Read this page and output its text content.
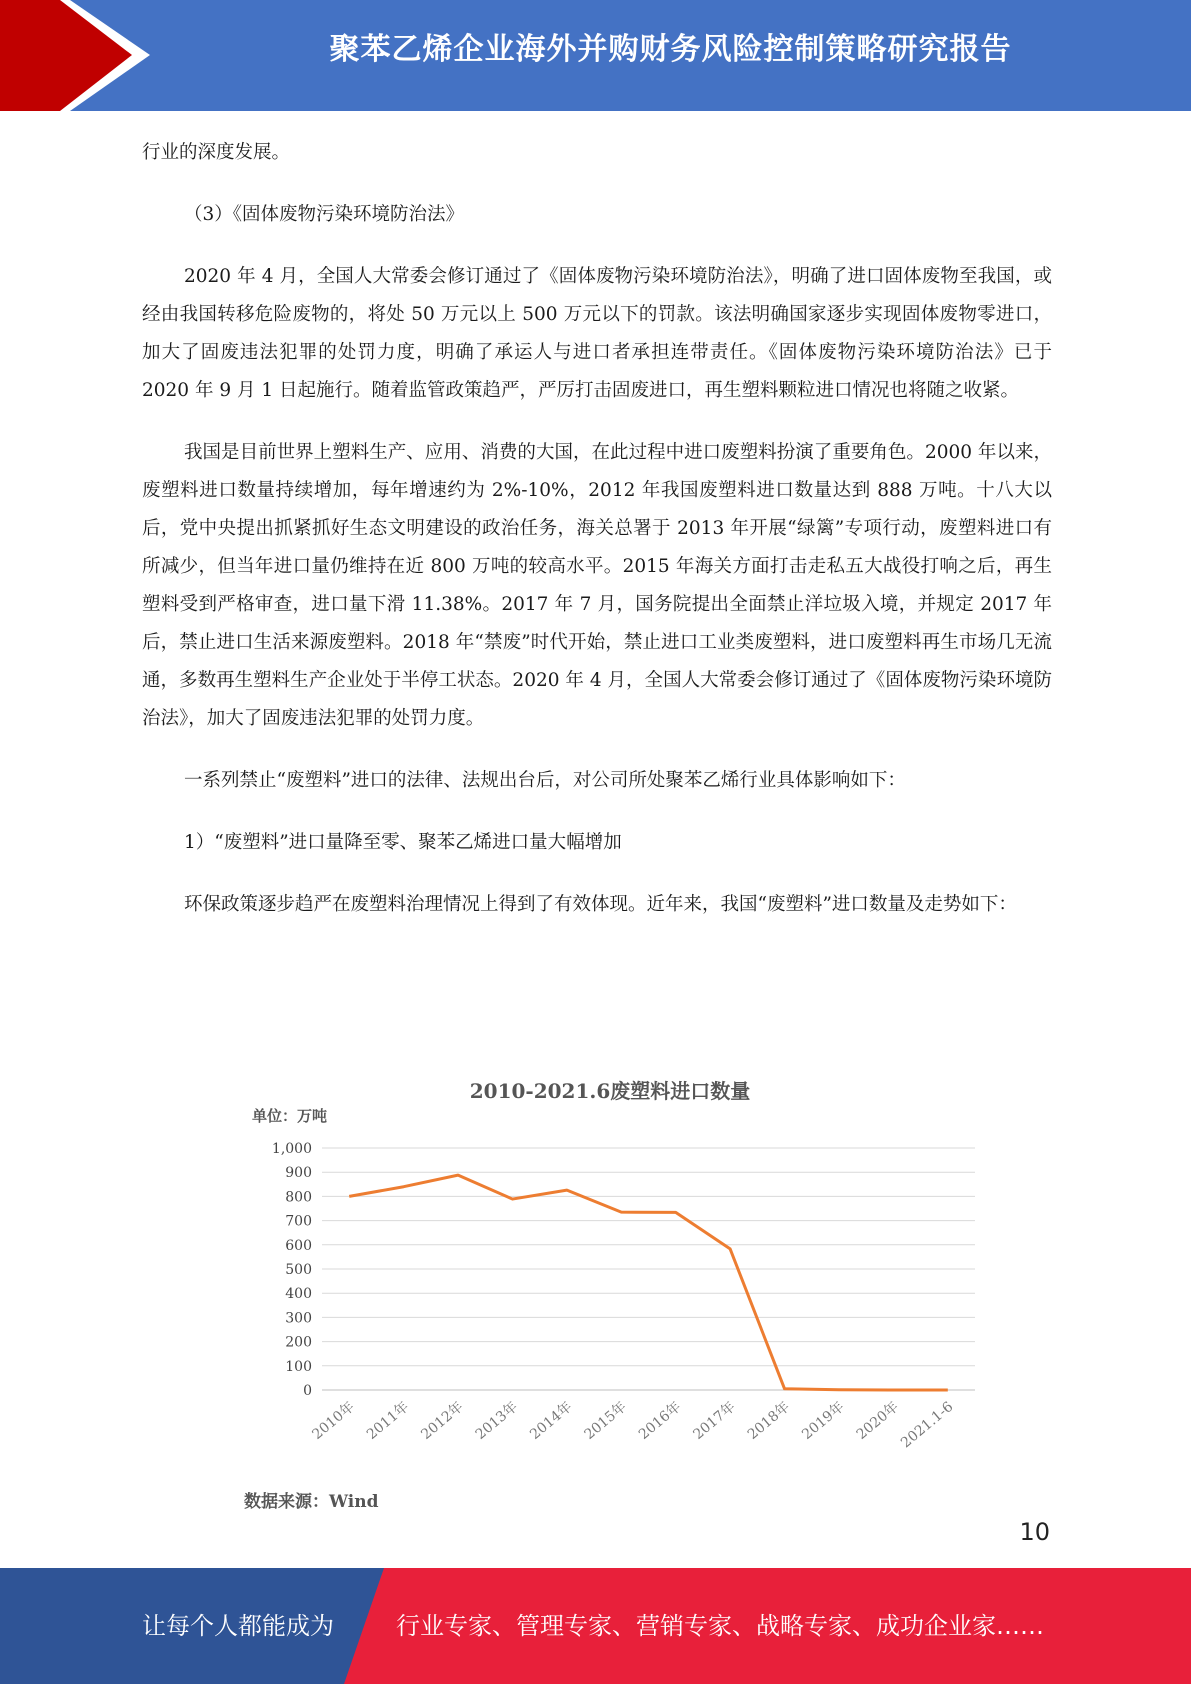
聚苯乙烯企业海外并购财务风险控制策略研究报告

行业的深度发展。

（3）《固体废物污染环境防治法》

2020 年 4 月，全国人大常委会修订通过了《固体废物污染环境防治法》，明确了进口固体废物至我国，或经由我国转移危险废物的，将处 50 万元以上 500 万元以下的罚款。该法明确国家逐步实现固体废物零进口，加大了固废违法犯罪的处罚力度，明确了承运人与进口者承担连带责任。《固体废物污染环境防治法》已于 2020 年 9 月 1 日起施行。随着监管政策趋严，严厉打击固废进口，再生塑料颗粒进口情况也将随之收紧。

我国是目前世界上塑料生产、应用、消费的大国，在此过程中进口废塑料扮演了重要角色。2000 年以来，废塑料进口数量持续增加，每年增速约为 2%-10%，2012 年我国废塑料进口数量达到 888 万吨。十八大以后，党中央提出抓紧抓好生态文明建设的政治任务，海关总署于 2013 年开展“绿篱”专项行动，废塑料进口有所减少，但当年进口量仍维持在近 800 万吨的较高水平。2015 年海关方面打击走私五大战役打响之后，再生塑料受到严格审查，进口量下滑 11.38%。2017 年 7 月，国务院提出全面禁止洋垃圾入境，并规定 2017 年后，禁止进口生活来源废塑料。2018 年“禁废”时代开始，禁止进口工业类废塑料，进口废塑料再生市场几无流通，多数再生塑料生产企业处于半停工状态。2020 年 4 月，全国人大常委会修订通过了《固体废物污染环境防治法》，加大了固废违法犯罪的处罚力度。

一系列禁止“废塑料”进口的法律、法规出台后，对公司所处聚苯乙烯行业具体影响如下：

1）“废塑料”进口量降至零、聚苯乙烯进口量大幅增加

环保政策逐步趋严在废塑料治理情况上得到了有效体现。近年来，我国“废塑料”进口数量及走势如下：

2010-2021.6废塑料进口数量
单位：万吨
0
100
200
300
400
500
600
700
800
900
1,000
2010年 2011年 2012年 2013年 2014年 2015年 2016年 2017年 2018年 2019年 2020年
2021.1-6
数据来源：Wind
10
让每个人都能成为	行业专家、管理专家、营销专家、战略专家、成功企业家……
